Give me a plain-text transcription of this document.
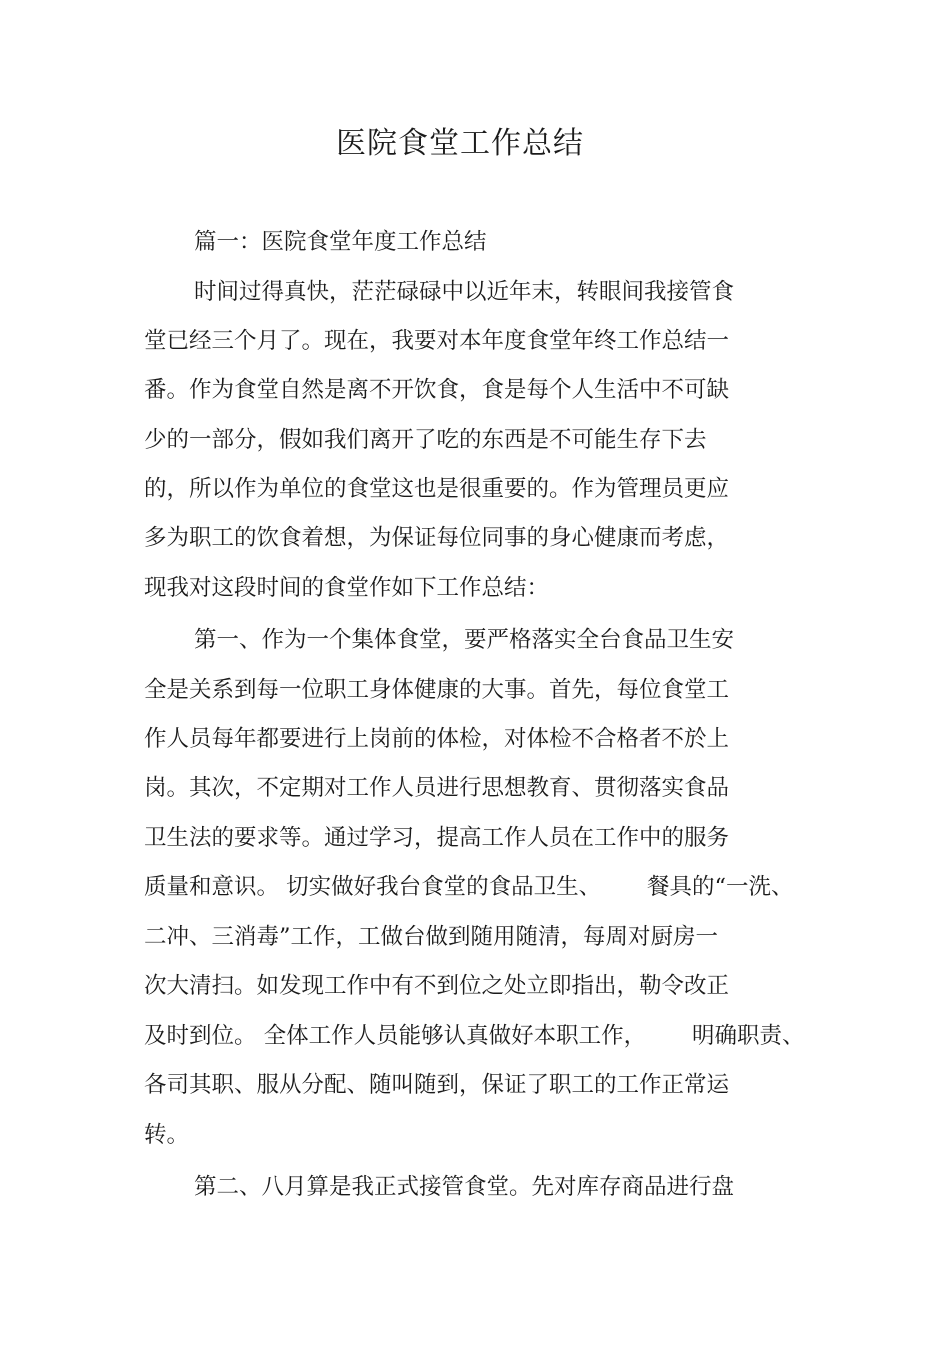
医院食堂工作总结
篇一：医院食堂年度工作总结
时间过得真快，茫茫碌碌中以近年末，转眼间我接管食
堂已经三个月了。现在，我要对本年度食堂年终工作总结一
番。作为食堂自然是离不开饮食，食是每个人生活中不可缺
少的一部分，假如我们离开了吃的东西是不可能生存下去
的，所以作为单位的食堂这也是很重要的。作为管理员更应
多为职工的饮食着想，为保证每位同事的身心健康而考虑，
现我对这段时间的食堂作如下工作总结：
第一、作为一个集体食堂，要严格落实全台食品卫生安
全是关系到每一位职工身体健康的大事。首先，每位食堂工
作人员每年都要进行上岗前的体检，对体检不合格者不於上
岗。其次，不定期对工作人员进行思想教育、贯彻落实食品
卫生法的要求等。通过学习，提高工作人员在工作中的服务
质量和意识。 切实做好我台食堂的食品卫生、 餐具的“一洗、
二冲、三消毒”工作，工做台做到随用随清，每周对厨房一
次大清扫。如发现工作中有不到位之处立即指出，勒令改正
及时到位。 全体工作人员能够认真做好本职工作， 明确职责、
各司其职、服从分配、随叫随到，保证了职工的工作正常运
转。
第二、八月算是我正式接管食堂。先对库存商品进行盘
